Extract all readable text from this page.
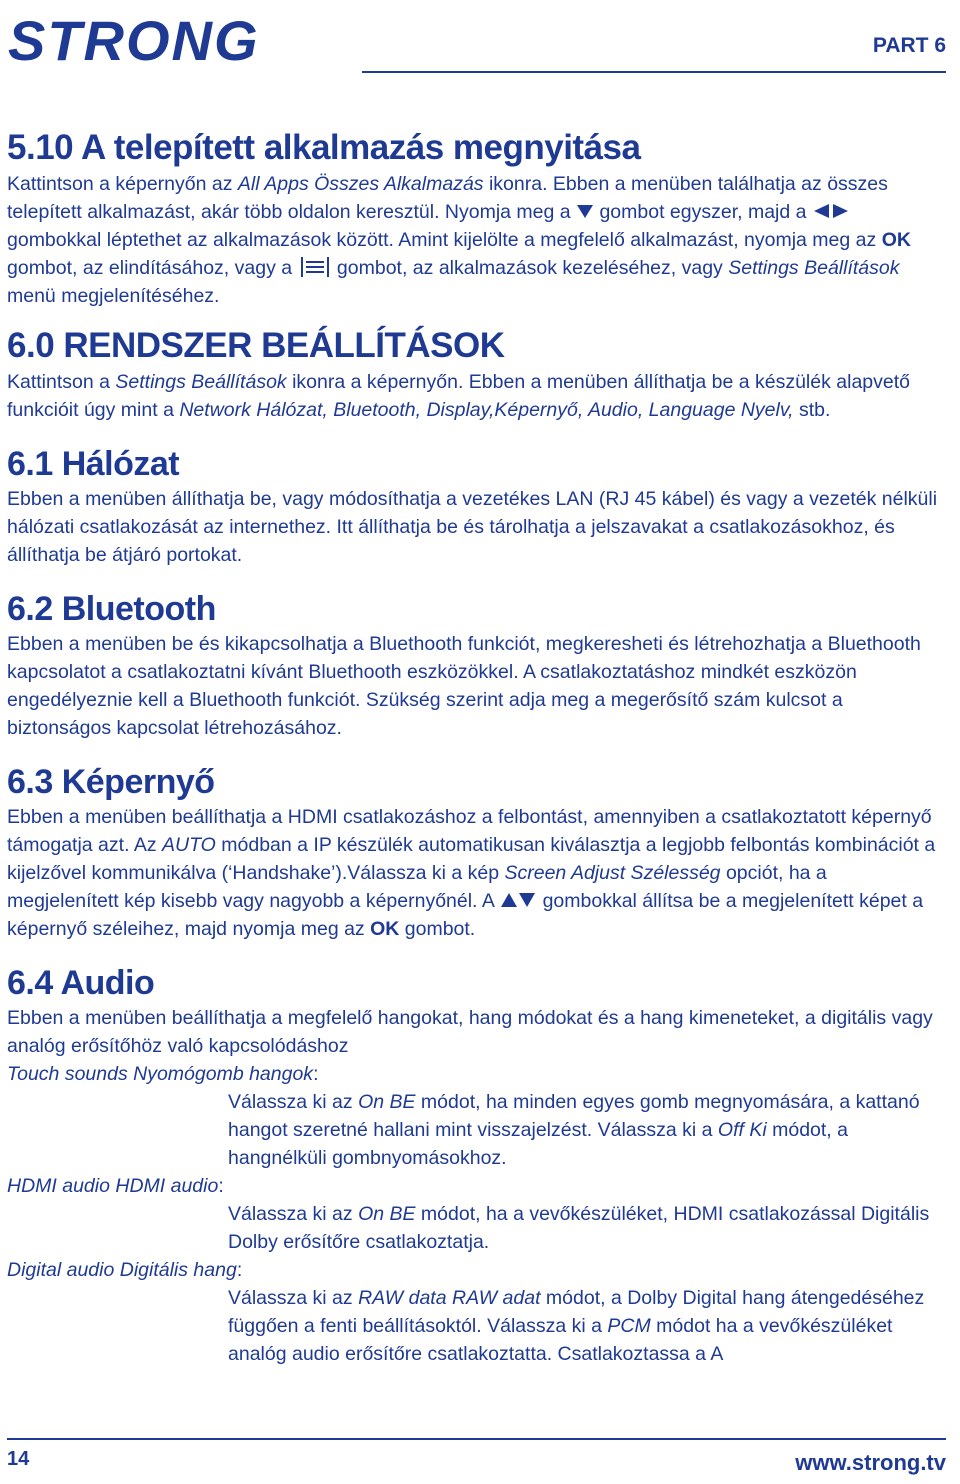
STRONG	PART 6
5.10 A telepített alkalmazás megnyitása

Kattintson a képernyőn az All Apps Összes Alkalmazás ikonra. Ebben a menüben találhatja az összes telepített alkalmazást, akár több oldalon keresztül. Nyomja meg a  gombot egyszer, majd a  gombokkal léptethet az alkalmazások között. Amint kijelölte a megfelelő alkalmazást, nyomja meg az OK gombot, az elindításához, vagy a  gombot, az alkalmazások kezeléséhez, vagy Settings Beállítások menü megjelenítéséhez.

6.0 RENDSZER BEÁLLÍTÁSOK

Kattintson a Settings Beállítások ikonra a képernyőn. Ebben a menüben állíthatja be a készülék alapvető funkcióit úgy mint a Network Hálózat, Bluetooth, Display,Képernyő, Audio, Language Nyelv, stb.

6.1 Hálózat

Ebben a menüben állíthatja be, vagy módosíthatja a vezetékes LAN (RJ 45 kábel) és vagy a vezeték nélküli hálózati csatlakozását az internethez. Itt állíthatja be és tárolhatja a jelszavakat a csatlakozásokhoz, és állíthatja be átjáró portokat.

6.2 Bluetooth

Ebben a menüben be és kikapcsolhatja a Bluethooth funkciót, megkeresheti és létrehozhatja a Bluethooth kapcsolatot a csatlakoztatni kívánt Bluethooth eszközökkel. A csatlakoztatáshoz mindkét eszközön engedélyeznie kell a Bluethooth funkciót. Szükség szerint adja meg a megerősítő szám kulcsot a biztonságos kapcsolat létrehozásához.

6.3 Képernyő

Ebben a menüben beállíthatja a HDMI csatlakozáshoz a felbontást, amennyiben a csatlakoztatott képernyő támogatja azt. Az AUTO módban a IP készülék automatikusan kiválasztja a legjobb felbontás kombinációt a kijelzővel kommunikálva (‘Handshake’).Válassza ki a kép Screen Adjust Szélesség opciót, ha a megjelenített kép kisebb vagy nagyobb a képernyőnél. A  gombokkal állítsa be a megjelenített képet a képernyő széleihez, majd nyomja meg az OK gombot.

6.4 Audio

Ebben a menüben beállíthatja a megfelelő hangokat, hang módokat és a hang kimeneteket, a digitális vagy analóg erősítőhöz való kapcsolódáshoz

Touch sounds Nyomógomb hangok:

Válassza ki az On BE módot, ha minden egyes gomb megnyomására, a kattanó hangot szeretné hallani mint visszajelzést. Válassza ki a Off Ki módot, a hangnélküli gombnyomásokhoz.

HDMI audio HDMI audio:

Válassza ki az On BE módot, ha a vevőkészüléket, HDMI csatlakozással Digitális Dolby erősítőre csatlakoztatja.

Digital audio Digitális hang:

Válassza ki az RAW data RAW adat módot, a Dolby Digital hang átengedéséhez függően a fenti beállításoktól. Válassza ki a PCM módot ha a vevőkészüléket analóg audio erősítőre csatlakoztatta. Csatlakoztassa a A

14	www.strong.tv
